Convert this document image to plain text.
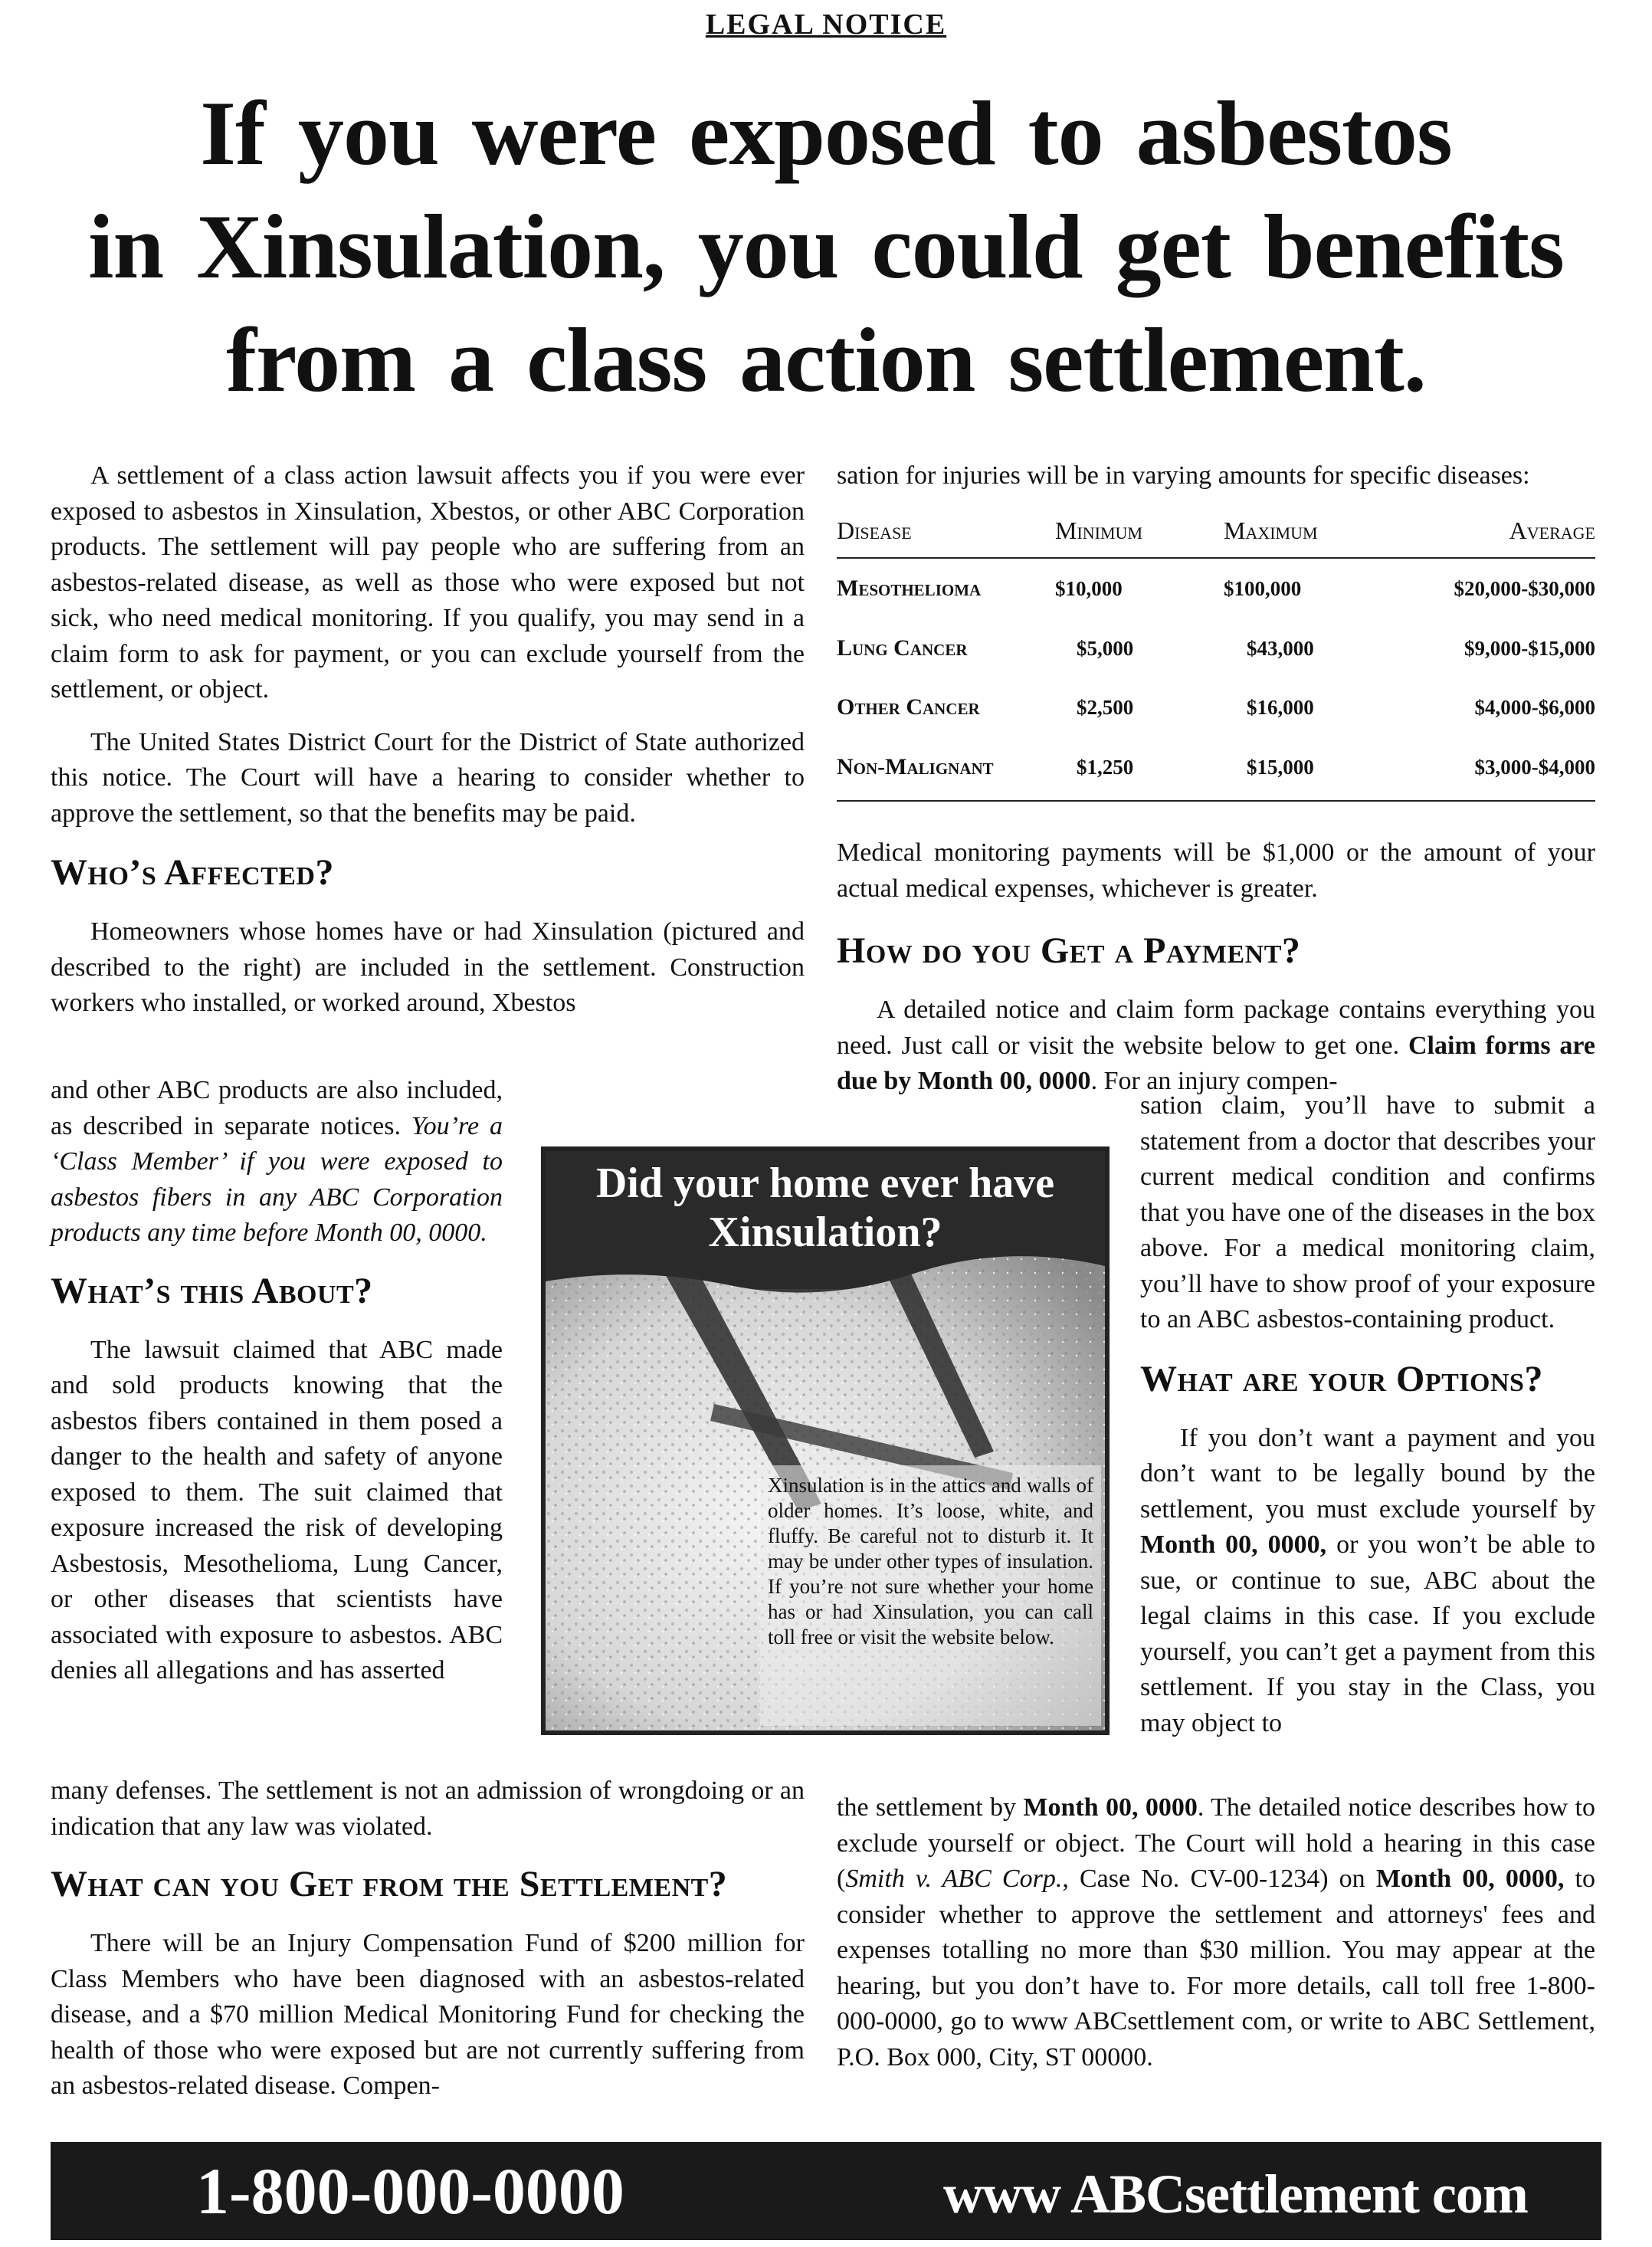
LEGAL NOTICE
If you were exposed to asbestos
in Xinsulation, you could get benefits
from a class action settlement.

A settlement of a class action lawsuit affects you if you were ever exposed to asbestos in Xinsulation, Xbestos, or other ABC Corporation products. The settlement will pay people who are suffering from an asbestos-related disease, as well as those who were exposed but not sick, who need medical monitoring. If you qualify, you may send in a claim form to ask for payment, or you can exclude yourself from the settlement, or object.

The United States District Court for the District of State authorized this notice. The Court will have a hearing to consider whether to approve the settlement, so that the benefits may be paid.

Who’s Affected?

Homeowners whose homes have or had Xinsulation (pictured and described to the right) are included in the settlement. Construction workers who installed, or worked around, Xbestos

and other ABC products are also included, as described in separate notices. You’re a ‘Class Member’ if you were exposed to asbestos fibers in any ABC Corporation products any time before Month 00, 0000.

What’s this About?

The lawsuit claimed that ABC made and sold products knowing that the asbestos fibers contained in them posed a danger to the health and safety of anyone exposed to them. The suit claimed that exposure increased the risk of developing Asbestosis, Mesothelioma, Lung Cancer, or other diseases that scientists have associated with exposure to asbestos. ABC denies all allegations and has asserted

many defenses. The settlement is not an admission of wrongdoing or an indication that any law was violated.

What can you Get from the Settlement?

There will be an Injury Compensation Fund of $200 million for Class Members who have been diagnosed with an asbestos-related disease, and a $70 million Medical Monitoring Fund for checking the health of those who were exposed but are not currently suffering from an asbestos-related disease. Compen-

Did your home ever have Xinsulation?
Xinsulation is in the attics and walls of older homes. It’s loose, white, and fluffy. Be careful not to disturb it. It may be under other types of insulation. If you’re not sure whether your home has or had Xinsulation, you can call toll free or visit the website below.

sation for injuries will be in varying amounts for specific diseases:

Disease	Minimum	Maximum	Average
Mesothelioma	$10,000	$100,000	$20,000-$30,000
Lung Cancer	$5,000	$43,000	$9,000-$15,000
Other Cancer	$2,500	$16,000	$4,000-$6,000
Non-Malignant	$1,250	$15,000	$3,000-$4,000

Medical monitoring payments will be $1,000 or the amount of your actual medical expenses, whichever is greater.

How do you Get a Payment?

A detailed notice and claim form package contains everything you need. Just call or visit the website below to get one. Claim forms are due by Month 00, 0000. For an injury compen-

sation claim, you’ll have to submit a statement from a doctor that describes your current medical condition and confirms that you have one of the diseases in the box above. For a medical monitoring claim, you’ll have to show proof of your exposure to an ABC asbestos-containing product.

What are your Options?

If you don’t want a payment and you don’t want to be legally bound by the settlement, you must exclude yourself by Month 00, 0000, or you won’t be able to sue, or continue to sue, ABC about the legal claims in this case. If you exclude yourself, you can’t get a payment from this settlement. If you stay in the Class, you may object to

the settlement by Month 00, 0000. The detailed notice describes how to exclude yourself or object. The Court will hold a hearing in this case (Smith v. ABC Corp., Case No. CV-00-1234) on Month 00, 0000, to consider whether to approve the settlement and attorneys' fees and expenses totalling no more than $30 million. You may appear at the hearing, but you don’t have to. For more details, call toll free 1-800-000-0000, go to www ABCsettlement com, or write to ABC Settlement, P.O. Box 000, City, ST 00000.

1-800-000-0000	www ABCsettlement com
